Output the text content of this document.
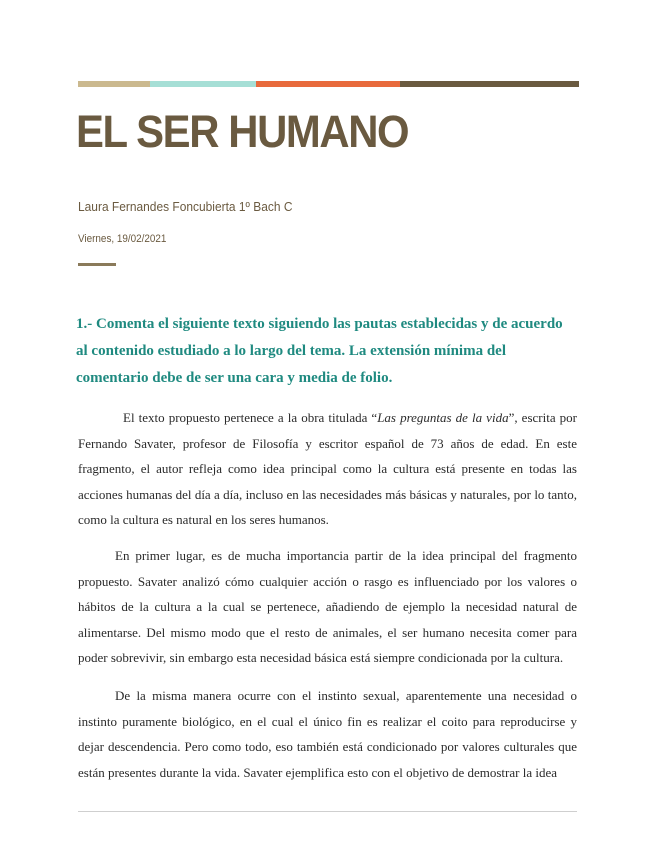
EL SER HUMANO
Laura Fernandes Foncubierta 1º Bach C
Viernes, 19/02/2021
1.- Comenta el siguiente texto siguiendo las pautas establecidas y de acuerdo al contenido estudiado a lo largo del tema. La extensión mínima del comentario debe de ser una cara y media de folio.
El texto propuesto pertenece a la obra titulada “Las preguntas de la vida”, escrita por Fernando Savater, profesor de Filosofía y escritor español de 73 años de edad. En este fragmento, el autor refleja como idea principal como la cultura está presente en todas las acciones humanas del día a día, incluso en las necesidades más básicas y naturales, por lo tanto, como la cultura es natural en los seres humanos.
En primer lugar, es de mucha importancia partir de la idea principal del fragmento propuesto. Savater analizó cómo cualquier acción o rasgo es influenciado por los valores o hábitos de la cultura a la cual se pertenece, añadiendo de ejemplo la necesidad natural de alimentarse. Del mismo modo que el resto de animales, el ser humano necesita comer para poder sobrevivir, sin embargo esta necesidad básica está siempre condicionada por la cultura.
De la misma manera ocurre con el instinto sexual, aparentemente una necesidad o instinto puramente biológico, en el cual el único fin es realizar el coito para reproducirse y dejar descendencia. Pero como todo, eso también está condicionado por valores culturales que están presentes durante la vida. Savater ejemplifica esto con el objetivo de demostrar la idea
